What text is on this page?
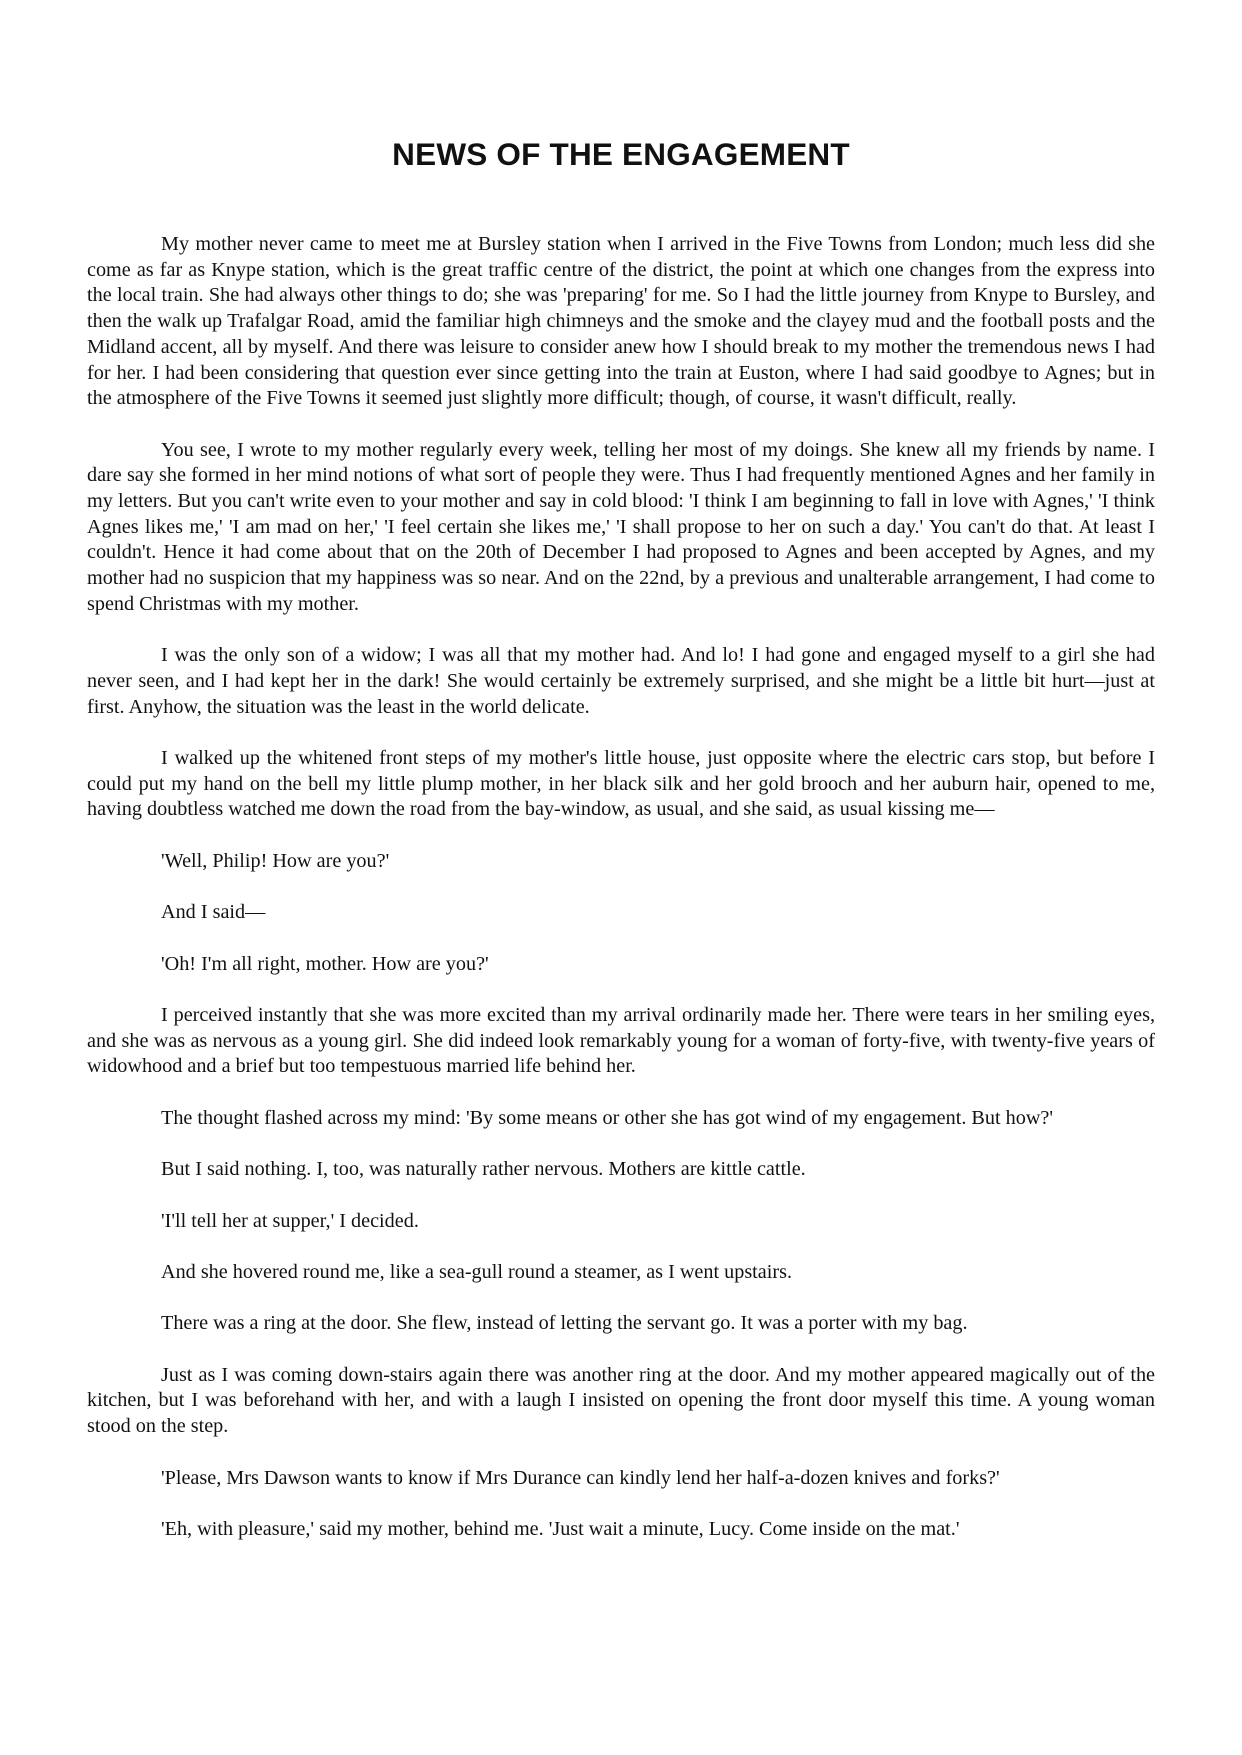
NEWS OF THE ENGAGEMENT

My mother never came to meet me at Bursley station when I arrived in the Five Towns from London; much less did she come as far as Knype station, which is the great traffic centre of the district, the point at which one changes from the express into the local train. She had always other things to do; she was 'preparing' for me. So I had the little journey from Knype to Bursley, and then the walk up Trafalgar Road, amid the familiar high chimneys and the smoke and the clayey mud and the football posts and the Midland accent, all by myself. And there was leisure to consider anew how I should break to my mother the tremendous news I had for her. I had been considering that question ever since getting into the train at Euston, where I had said goodbye to Agnes; but in the atmosphere of the Five Towns it seemed just slightly more difficult; though, of course, it wasn't difficult, really.

You see, I wrote to my mother regularly every week, telling her most of my doings. She knew all my friends by name. I dare say she formed in her mind notions of what sort of people they were. Thus I had frequently mentioned Agnes and her family in my letters. But you can't write even to your mother and say in cold blood: 'I think I am beginning to fall in love with Agnes,' 'I think Agnes likes me,' 'I am mad on her,' 'I feel certain she likes me,' 'I shall propose to her on such a day.' You can't do that. At least I couldn't. Hence it had come about that on the 20th of December I had proposed to Agnes and been accepted by Agnes, and my mother had no suspicion that my happiness was so near. And on the 22nd, by a previous and unalterable arrangement, I had come to spend Christmas with my mother.

I was the only son of a widow; I was all that my mother had. And lo! I had gone and engaged myself to a girl she had never seen, and I had kept her in the dark! She would certainly be extremely surprised, and she might be a little bit hurt—just at first. Anyhow, the situation was the least in the world delicate.

I walked up the whitened front steps of my mother's little house, just opposite where the electric cars stop, but before I could put my hand on the bell my little plump mother, in her black silk and her gold brooch and her auburn hair, opened to me, having doubtless watched me down the road from the bay-window, as usual, and she said, as usual kissing me—

'Well, Philip! How are you?'

And I said—

'Oh! I'm all right, mother. How are you?'

I perceived instantly that she was more excited than my arrival ordinarily made her. There were tears in her smiling eyes, and she was as nervous as a young girl. She did indeed look remarkably young for a woman of forty-five, with twenty-five years of widowhood and a brief but too tempestuous married life behind her.

The thought flashed across my mind: 'By some means or other she has got wind of my engagement. But how?'

But I said nothing. I, too, was naturally rather nervous. Mothers are kittle cattle.

'I'll tell her at supper,' I decided.

And she hovered round me, like a sea-gull round a steamer, as I went upstairs.

There was a ring at the door. She flew, instead of letting the servant go. It was a porter with my bag.

Just as I was coming down-stairs again there was another ring at the door. And my mother appeared magically out of the kitchen, but I was beforehand with her, and with a laugh I insisted on opening the front door myself this time. A young woman stood on the step.

'Please, Mrs Dawson wants to know if Mrs Durance can kindly lend her half-a-dozen knives and forks?'

'Eh, with pleasure,' said my mother, behind me. 'Just wait a minute, Lucy. Come inside on the mat.'
